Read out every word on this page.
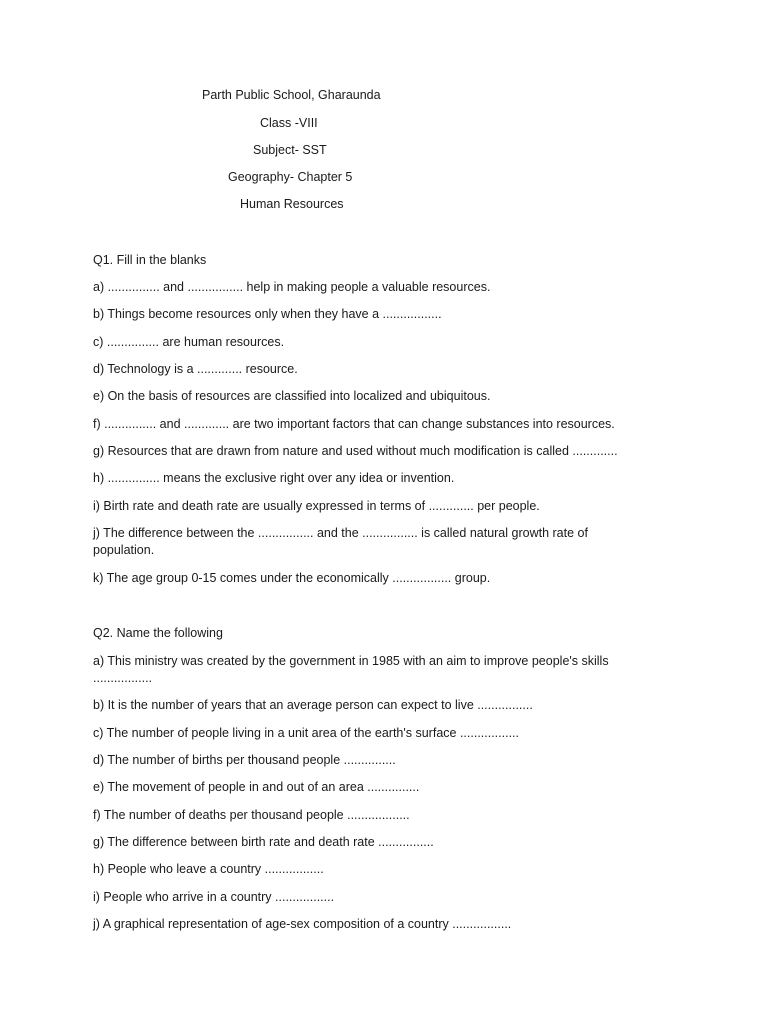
Parth Public School, Gharaunda
Class -VIII
Subject- SST
Geography- Chapter 5
Human Resources
Q1. Fill in the blanks
a) ............... and ................ help in making people a valuable resources.
b) Things become resources only when they have a .................
c) ............... are human resources.
d) Technology is a ............. resource.
e) On the basis of resources are classified into localized and ubiquitous.
f) ............... and ............. are two important factors that can change substances into resources.
g) Resources that are drawn from nature and used without much modification is called .............
h) ............... means the exclusive right over any idea or invention.
i) Birth rate and death rate are usually expressed in terms of ............. per people.
j) The difference between the ................ and the ................ is called natural growth rate of population.
k) The age group 0-15 comes under the economically ................. group.
Q2. Name the following
a) This ministry was created by the government in 1985 with an aim to improve people's skills .................
b) It is the number of years that an average person can expect to live ................
c) The number of people living in a unit area of the earth's surface .................
d) The number of births per thousand people ...............
e) The movement of people in and out of an area ...............
f) The number of deaths per thousand people ..................
g) The difference between birth rate and death rate ................
h) People who leave a country .................
i) People who arrive in a country .................
j) A graphical representation of age-sex composition of a country .................
